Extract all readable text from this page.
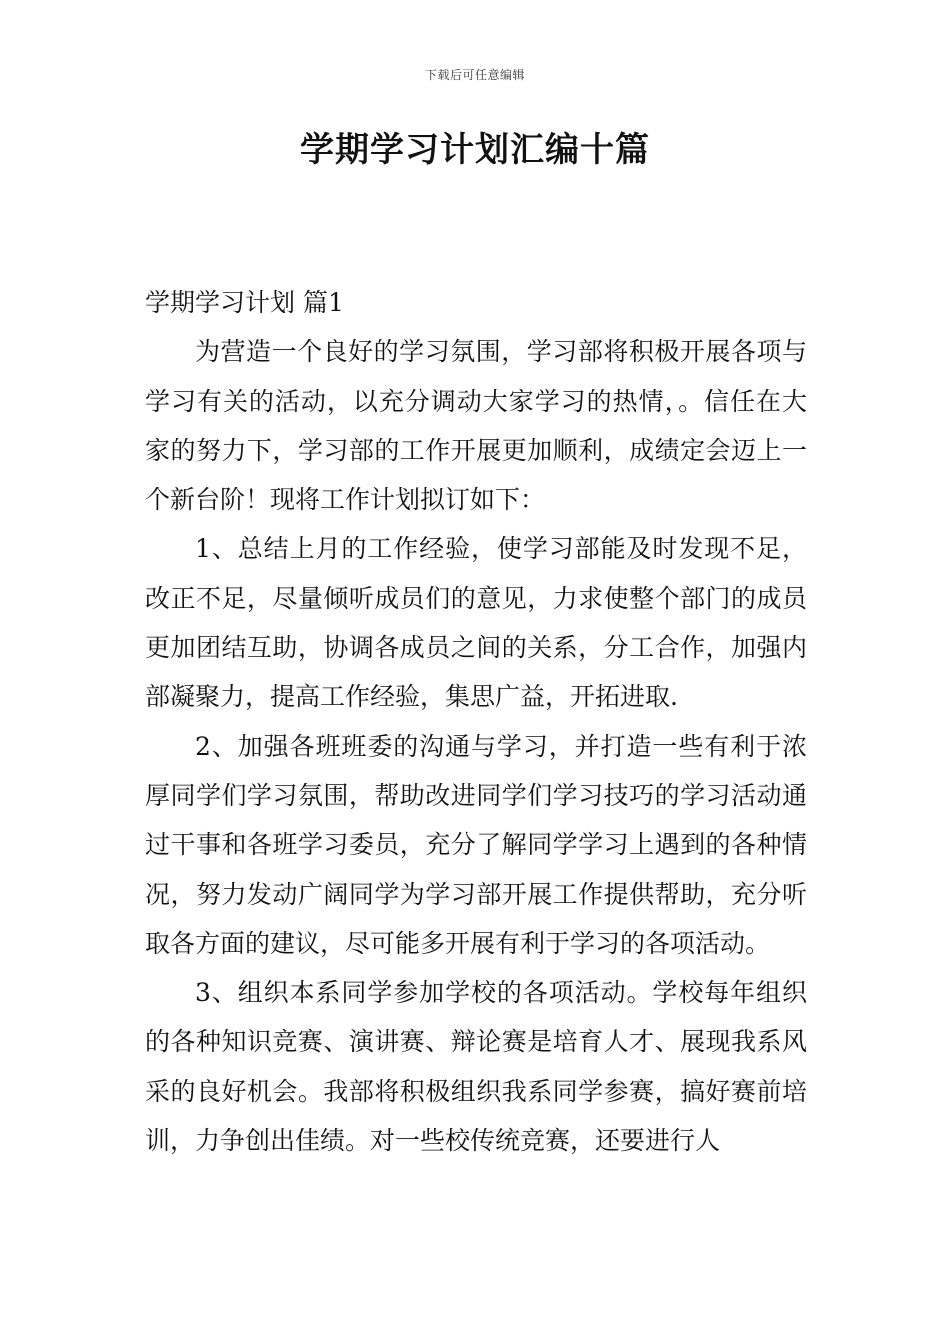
下载后可任意编辑
学期学习计划汇编十篇

学期学习计划 篇1

为营造一个良好的学习氛围，学习部将积极开展各项与学习有关的活动，以充分调动大家学习的热情，。信任在大家的努力下，学习部的工作开展更加顺利，成绩定会迈上一个新台阶！现将工作计划拟订如下：

1、总结上月的工作经验，使学习部能及时发现不足，改正不足，尽量倾听成员们的意见，力求使整个部门的成员更加团结互助，协调各成员之间的关系，分工合作，加强内部凝聚力，提高工作经验，集思广益，开拓进取.

2、加强各班班委的沟通与学习，并打造一些有利于浓厚同学们学习氛围，帮助改进同学们学习技巧的学习活动通过干事和各班学习委员，充分了解同学学习上遇到的各种情况，努力发动广阔同学为学习部开展工作提供帮助，充分听取各方面的建议，尽可能多开展有利于学习的各项活动。

3、组织本系同学参加学校的各项活动。学校每年组织的各种知识竞赛、演讲赛、辩论赛是培育人才、展现我系风采的良好机会。我部将积极组织我系同学参赛，搞好赛前培训，力争创出佳绩。对一些校传统竞赛，还要进行人
